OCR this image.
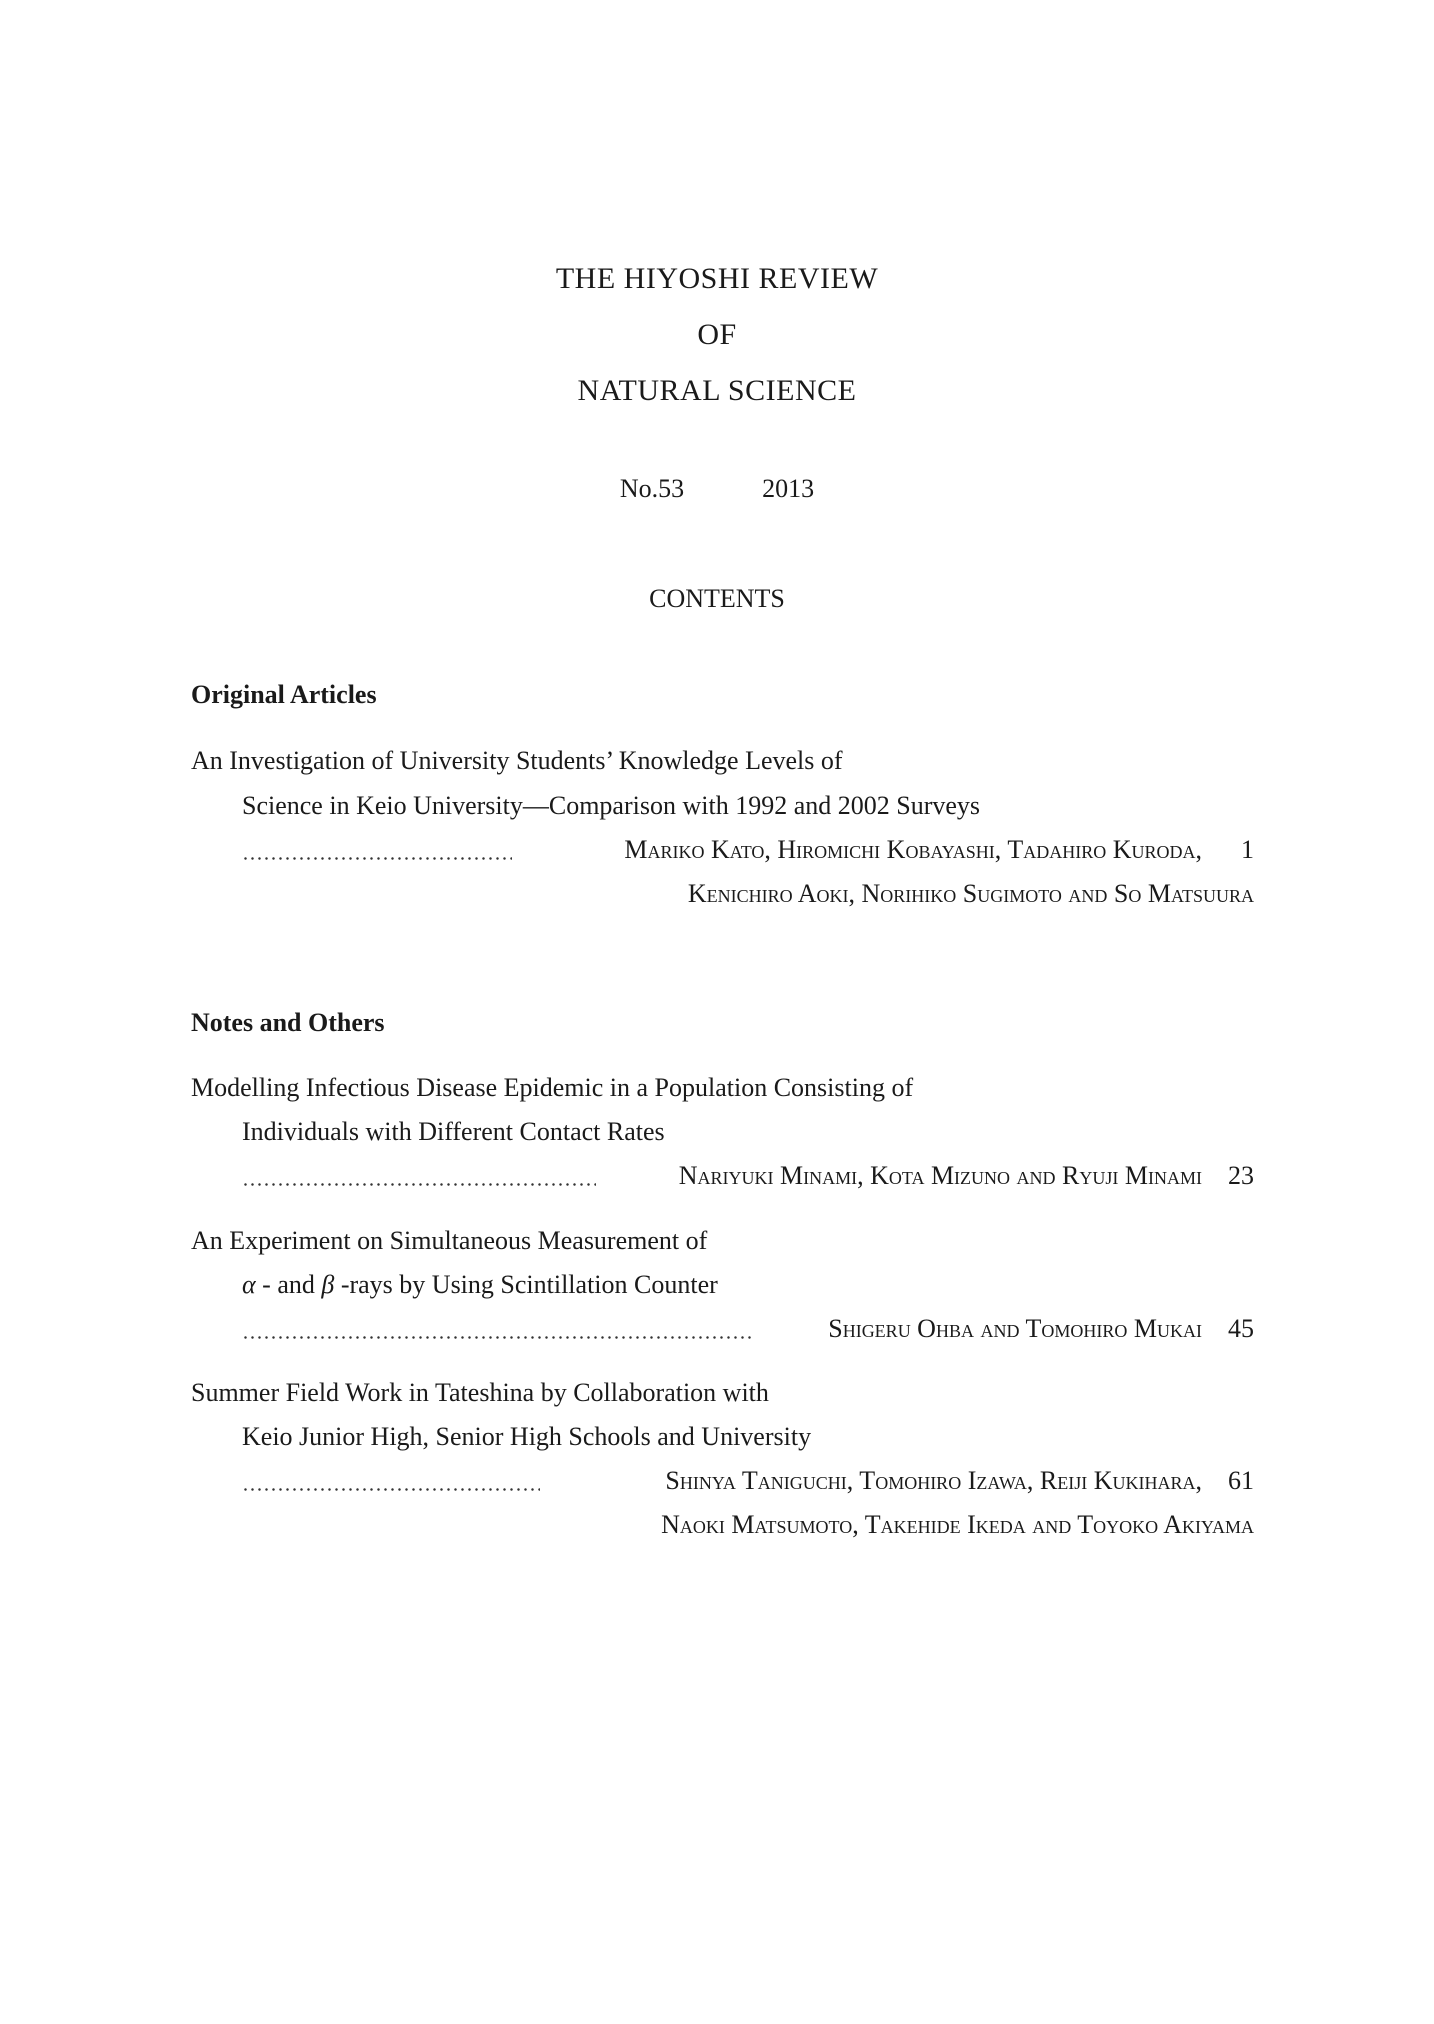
THE HIYOSHI REVIEW
OF
NATURAL SCIENCE
No.53	2013
CONTENTS
Original Articles
An Investigation of University Students’ Knowledge Levels of
Science in Keio University—Comparison with 1992 and 2002 Surveys
Mariko Kato, Hiromichi Kobayashi, Tadahiro Kuroda, 1
Kenichiro Aoki, Norihiko Sugimoto and So Matsuura
Notes and Others
Modelling Infectious Disease Epidemic in a Population Consisting of
Individuals with Different Contact Rates
Nariyuki Minami, Kota Mizuno and Ryuji Minami 23
An Experiment on Simultaneous Measurement of
α - and β -rays by Using Scintillation Counter
Shigeru Ohba and Tomohiro Mukai 45
Summer Field Work in Tateshina by Collaboration with
Keio Junior High, Senior High Schools and University
Shinya Taniguchi, Tomohiro Izawa, Reiji Kukihara, 61
Naoki Matsumoto, Takehide Ikeda and Toyoko Akiyama
